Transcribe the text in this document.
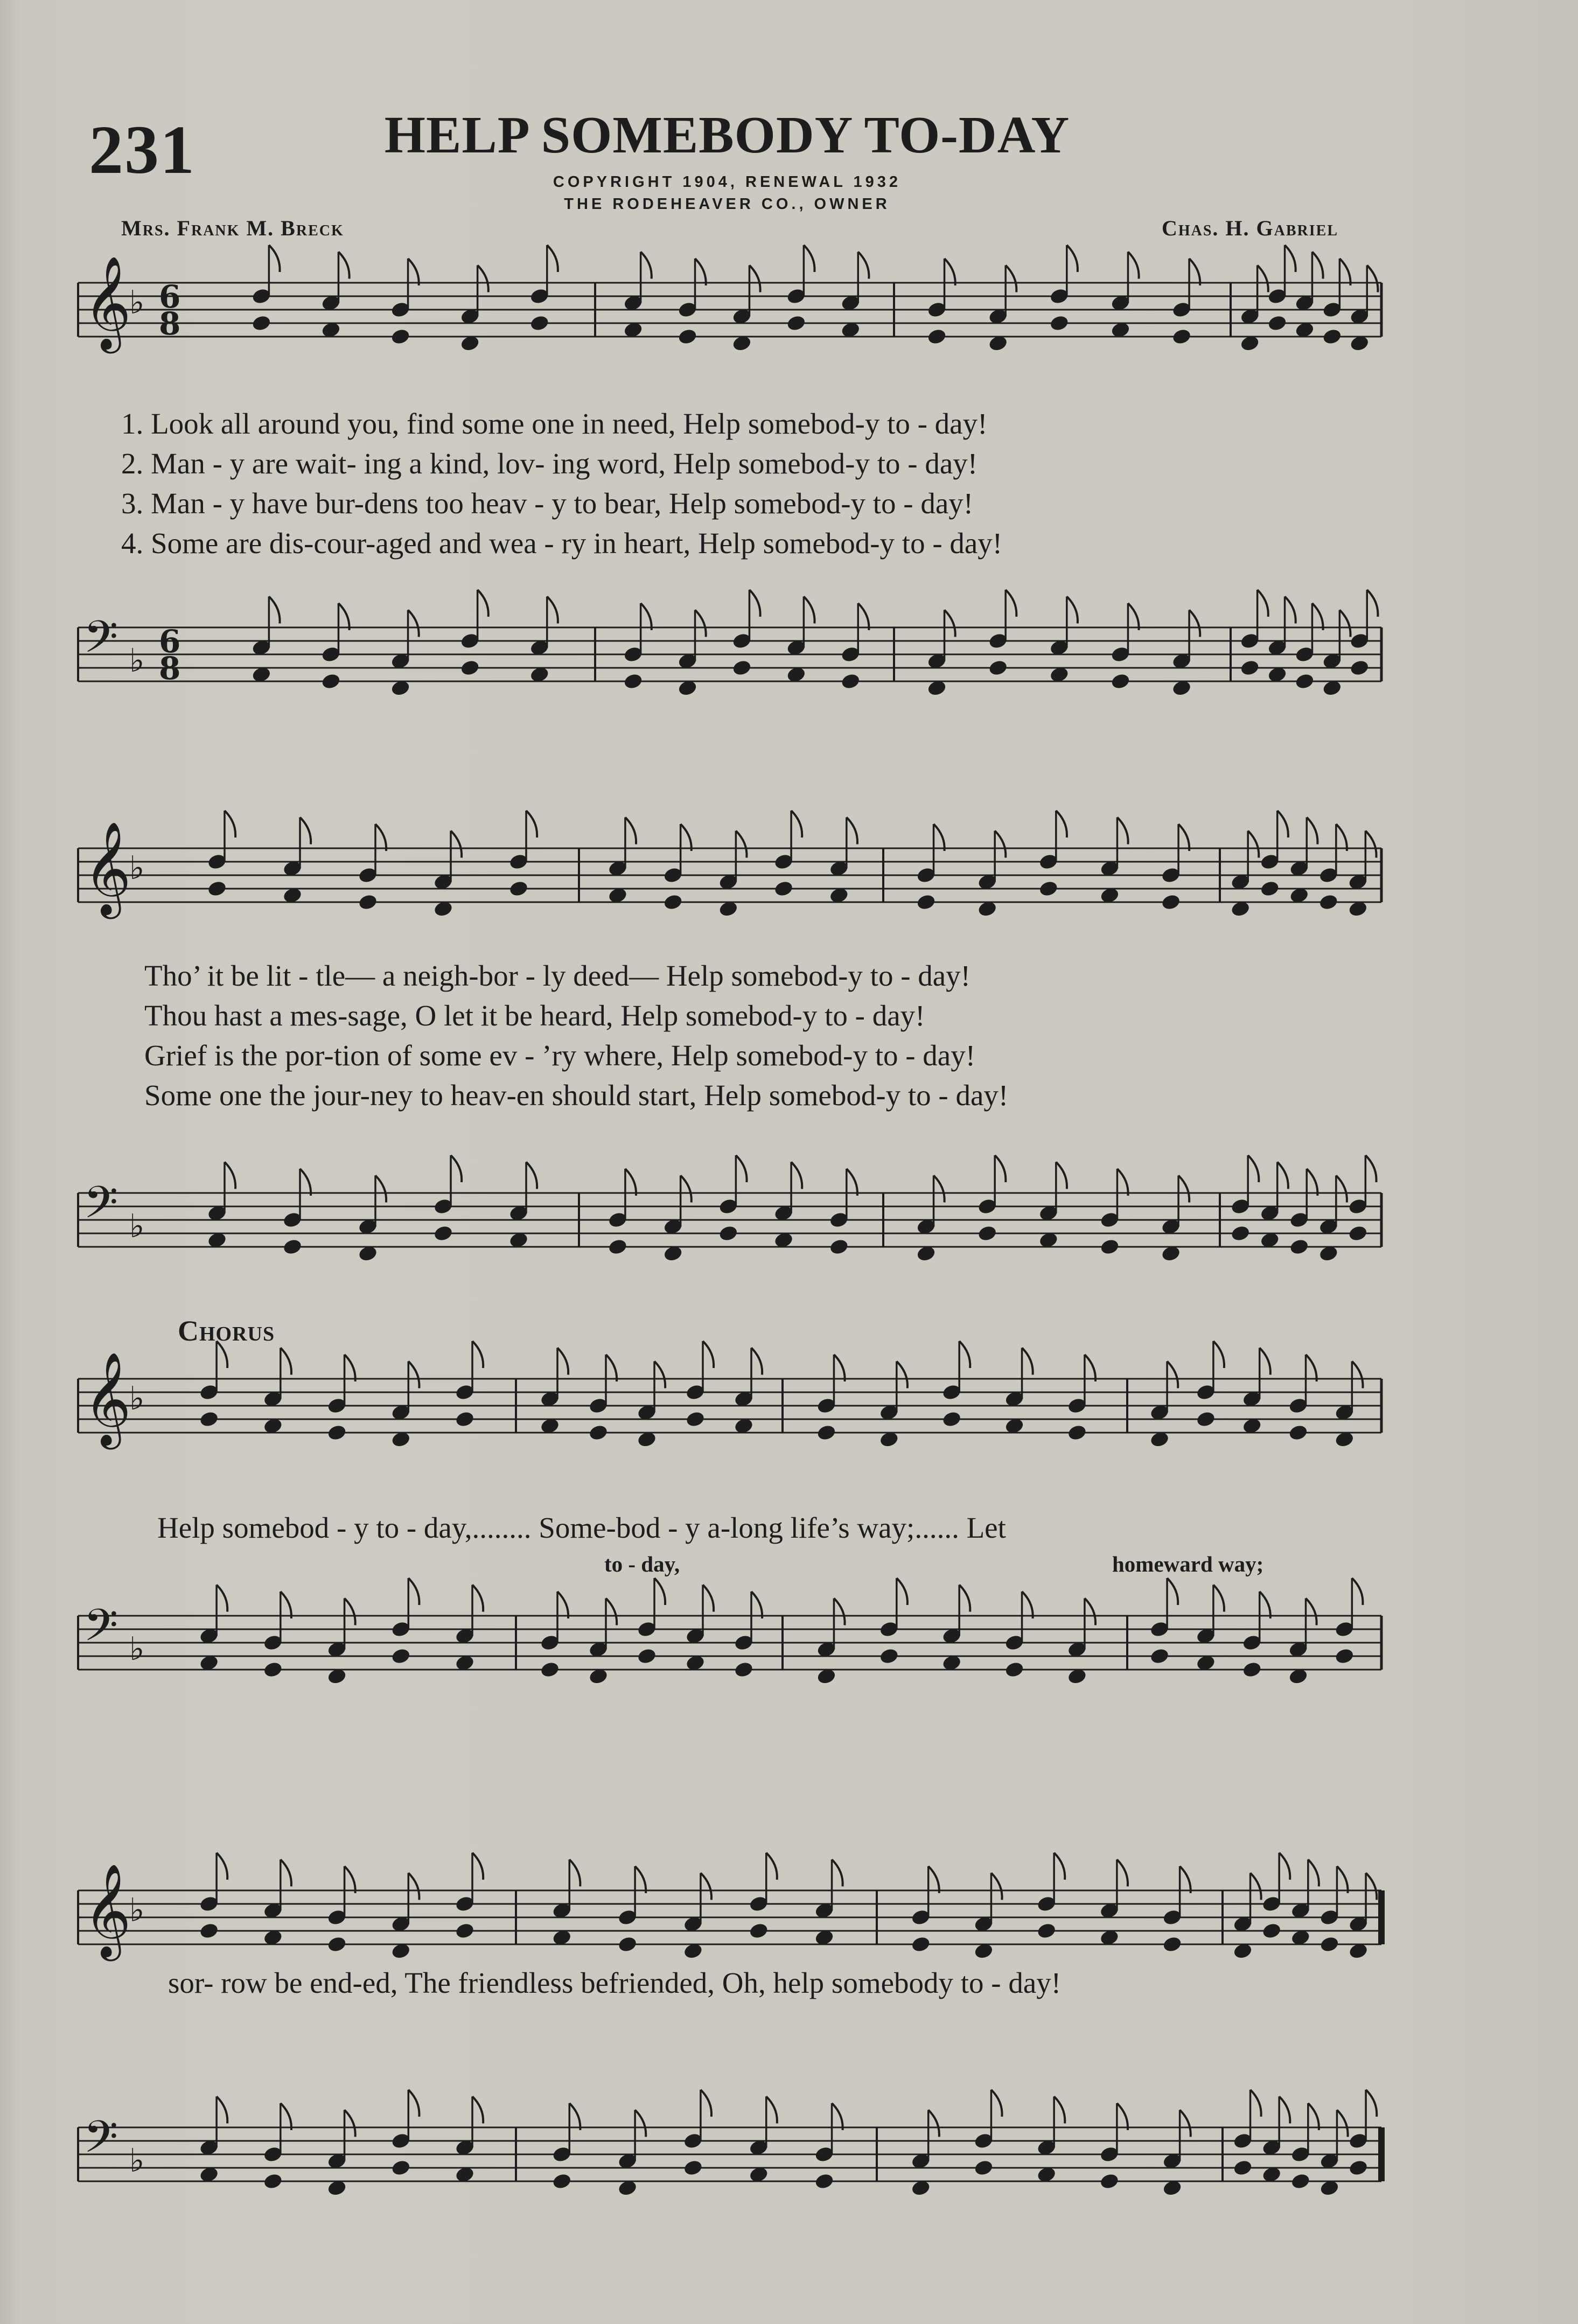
231	HELP SOMEBODY TO-DAY
COPYRIGHT 1904, RENEWAL 1932
THE RODEHEAVER CO., OWNER
Mrs. Frank M. Breck	Chas. H. Gabriel
𝄞
♭ 6
8
𝄢 ♭
6
8
𝄞
♭
𝄢 ♭
𝄞
♭
𝄢 ♭
𝄞
♭
𝄢 ♭
1. Look all around you, find some one in need, Help somebod-y to - day!
2. Man - y are wait- ing a kind, lov- ing word, Help somebod-y to - day!
3. Man - y have bur-dens too heav - y to bear, Help somebod-y to - day!
4. Some are dis-cour-aged and wea - ry in heart, Help somebod-y to - day!
Tho’ it be lit - tle— a neigh-bor - ly deed— Help somebod-y to - day!
Thou hast a mes-sage, O let it be heard, Help somebod-y to - day!
Grief is the por-tion of some ev - ’ry where, Help somebod-y to - day!
Some one the jour-ney to heav-en should start, Help somebod-y to - day!
Chorus
Help somebod - y to - day,........ Some-bod - y a-long life’s way;...... Let
to - day,	homeward way;
sor- row be end-ed, The friendless befriended, Oh, help somebody to - day!
